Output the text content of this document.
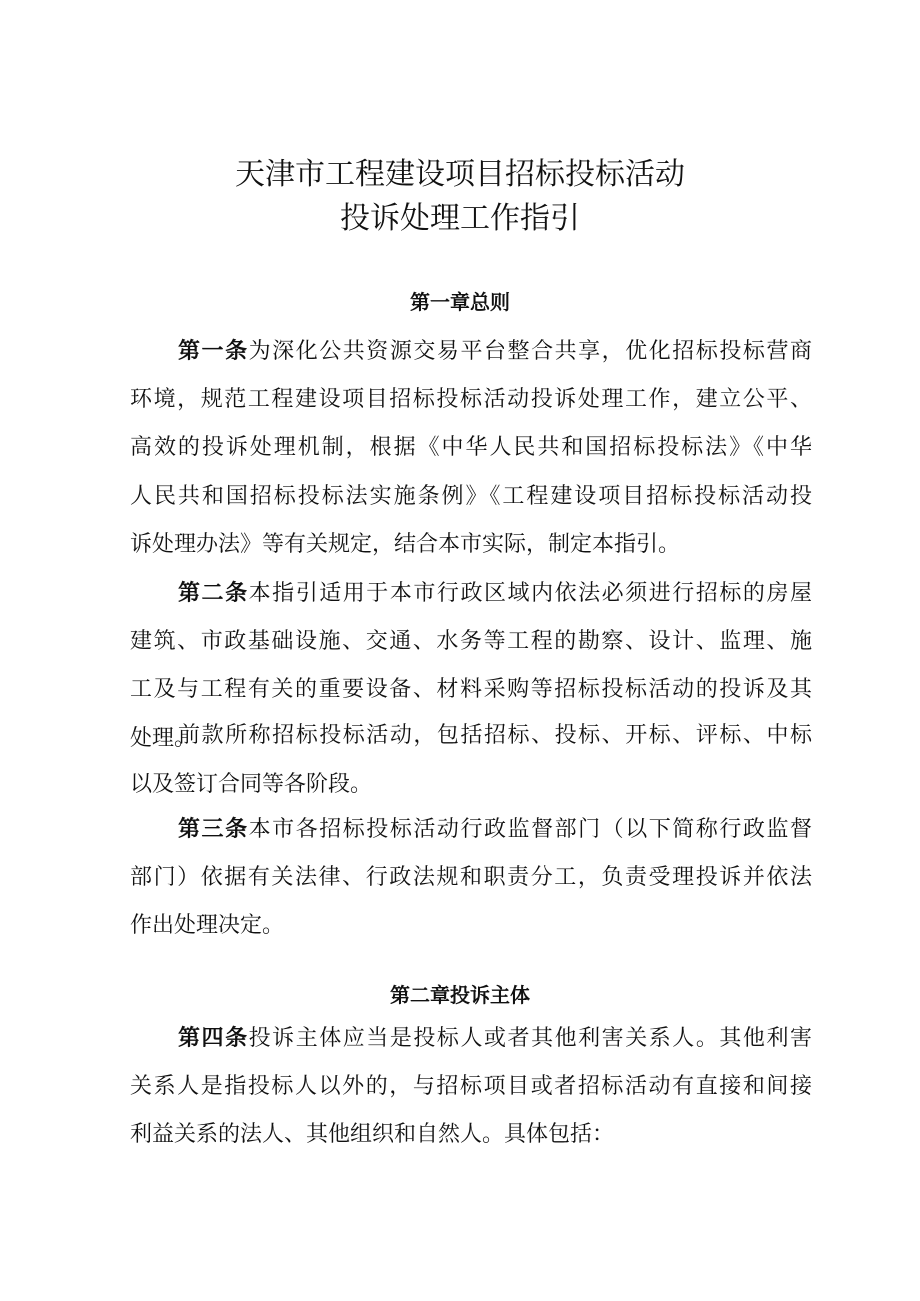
天津市工程建设项目招标投标活动
投诉处理工作指引
第一章总则
第一条为深化公共资源交易平台整合共享，优化招标投标营商
环境，规范工程建设项目招标投标活动投诉处理工作，建立公平、
高效的投诉处理机制，根据《中华人民共和国招标投标法》《中华
人民共和国招标投标法实施条例》《工程建设项目招标投标活动投
诉处理办法》等有关规定，结合本市实际，制定本指引。
第二条本指引适用于本市行政区域内依法必须进行招标的房屋
建筑、市政基础设施、交通、水务等工程的勘察、设计、监理、施
工及与工程有关的重要设备、材料采购等招标投标活动的投诉及其
处理。
前款所称招标投标活动，包括招标、投标、开标、评标、中标
以及签订合同等各阶段。
第三条本市各招标投标活动行政监督部门（以下简称行政监督
部门）依据有关法律、行政法规和职责分工，负责受理投诉并依法
作出处理决定。
第二章投诉主体
第四条投诉主体应当是投标人或者其他利害关系人。其他利害
关系人是指投标人以外的，与招标项目或者招标活动有直接和间接
利益关系的法人、其他组织和自然人。具体包括：
